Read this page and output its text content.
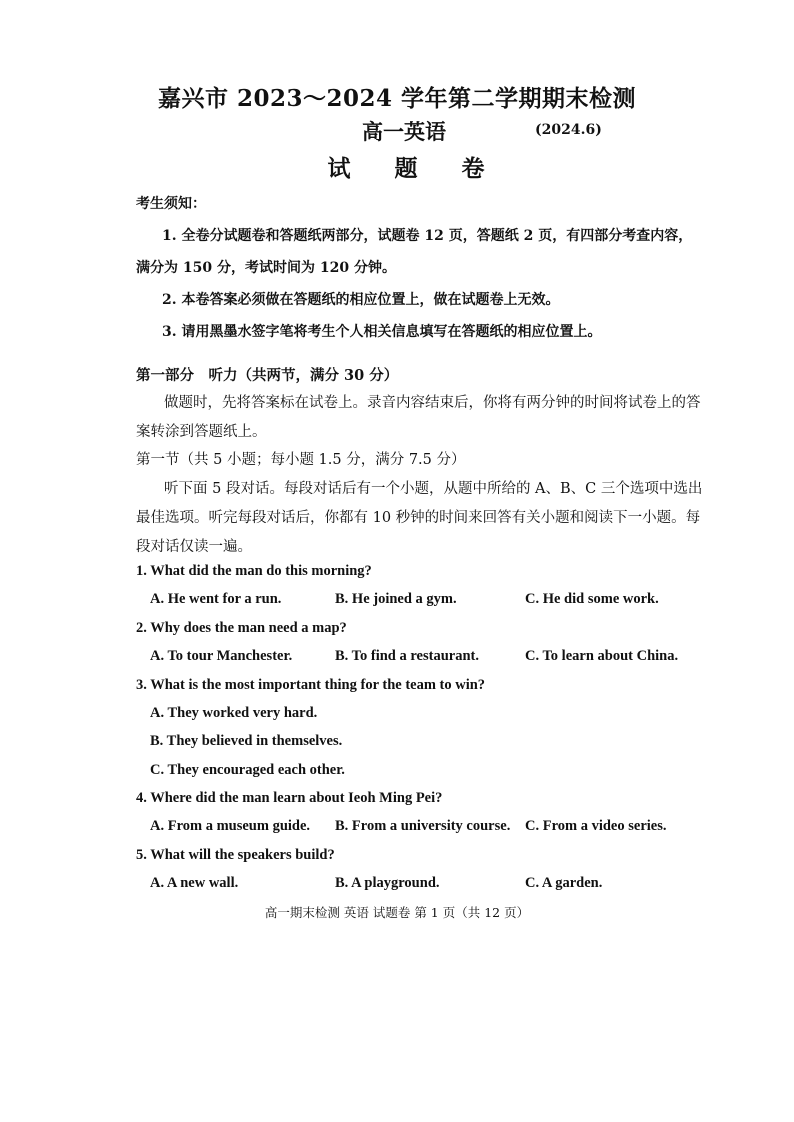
嘉兴市 2023～2024 学年第二学期期末检测
高一英语	(2024.6)
试 题 卷
考生须知：
1. 全卷分试题卷和答题纸两部分，试题卷 12 页，答题纸 2 页，有四部分考查内容，
满分为 150 分，考试时间为 120 分钟。
2. 本卷答案必须做在答题纸的相应位置上，做在试题卷上无效。
3. 请用黑墨水签字笔将考生个人相关信息填写在答题纸的相应位置上。
第一部分　听力（共两节，满分 30 分）
做题时，先将答案标在试卷上。录音内容结束后，你将有两分钟的时间将试卷上的答
案转涂到答题纸上。
第一节（共 5 小题；每小题 1.5 分，满分 7.5 分）
听下面 5 段对话。每段对话后有一个小题，从题中所给的 A、B、C 三个选项中选出
最佳选项。听完每段对话后，你都有 10 秒钟的时间来回答有关小题和阅读下一小题。每
段对话仅读一遍。
1. What did the man do this morning?
A. He went for a run.	B. He joined a gym.	C. He did some work.
2. Why does the man need a map?
A. To tour Manchester.	B. To find a restaurant.	C. To learn about China.
3. What is the most important thing for the team to win?
A. They worked very hard.
B. They believed in themselves.
C. They encouraged each other.
4. Where did the man learn about Ieoh Ming Pei?
A. From a museum guide. B. From a university course. C. From a video series.
5. What will the speakers build?
A. A new wall.	B. A playground.	C. A garden.
高一期末检测 英语 试题卷 第 1 页（共 12 页）
